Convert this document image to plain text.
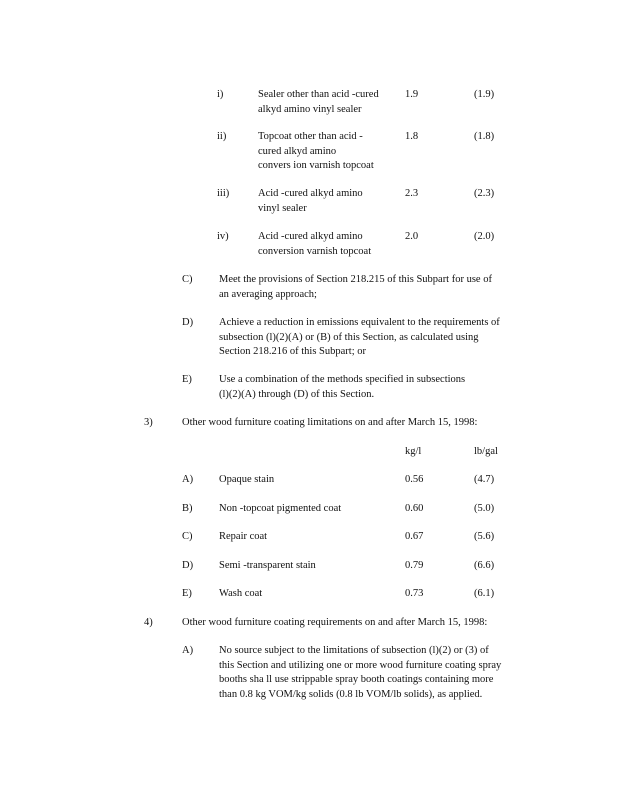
i)	Sealer other than acid -cured
alkyd amino vinyl sealer
1.9	(1.9)
ii)	Topcoat other than acid -
cured alkyd amino
convers ion varnish topcoat
1.8	(1.8)
iii)	Acid -cured alkyd amino
vinyl sealer
2.3	(2.3)
iv)	Acid -cured alkyd amino
conversion varnish topcoat
2.0	(2.0)
C)	Meet the provisions of Section 218.215 of this Subpart for use of
an averaging approach;
D) Achieve a reduction in emissions equivalent to the requirements of
subsection (l)(2)(A) or (B) of this Section, as calculated using
Section 218.216 of this Subpart; or
E)	Use a combination of the methods specified in subsections
(l)(2)(A) through (D) of this Section.
3)	Other wood furniture coating limitations on and after March 15, 1998:
kg/l	lb/gal
A) Opaque stain	0.56	(4.7)
B)	Non -topcoat pigmented coat	0.60	(5.0)
C)	Repair coat	0.67	(5.6)
D) Semi -transparent stain	0.79	(6.6)
E)	Wash coat	0.73	(6.1)
4)	Other wood furniture coating requirements on and after March 15, 1998:
A) No source subject to the limitations of subsection (l)(2) or (3) of
this Section and utilizing one or more wood furniture coating spray
booths sha ll use strippable spray booth coatings containing more
than 0.8 kg VOM/kg solids (0.8 lb VOM/lb solids), as applied.
